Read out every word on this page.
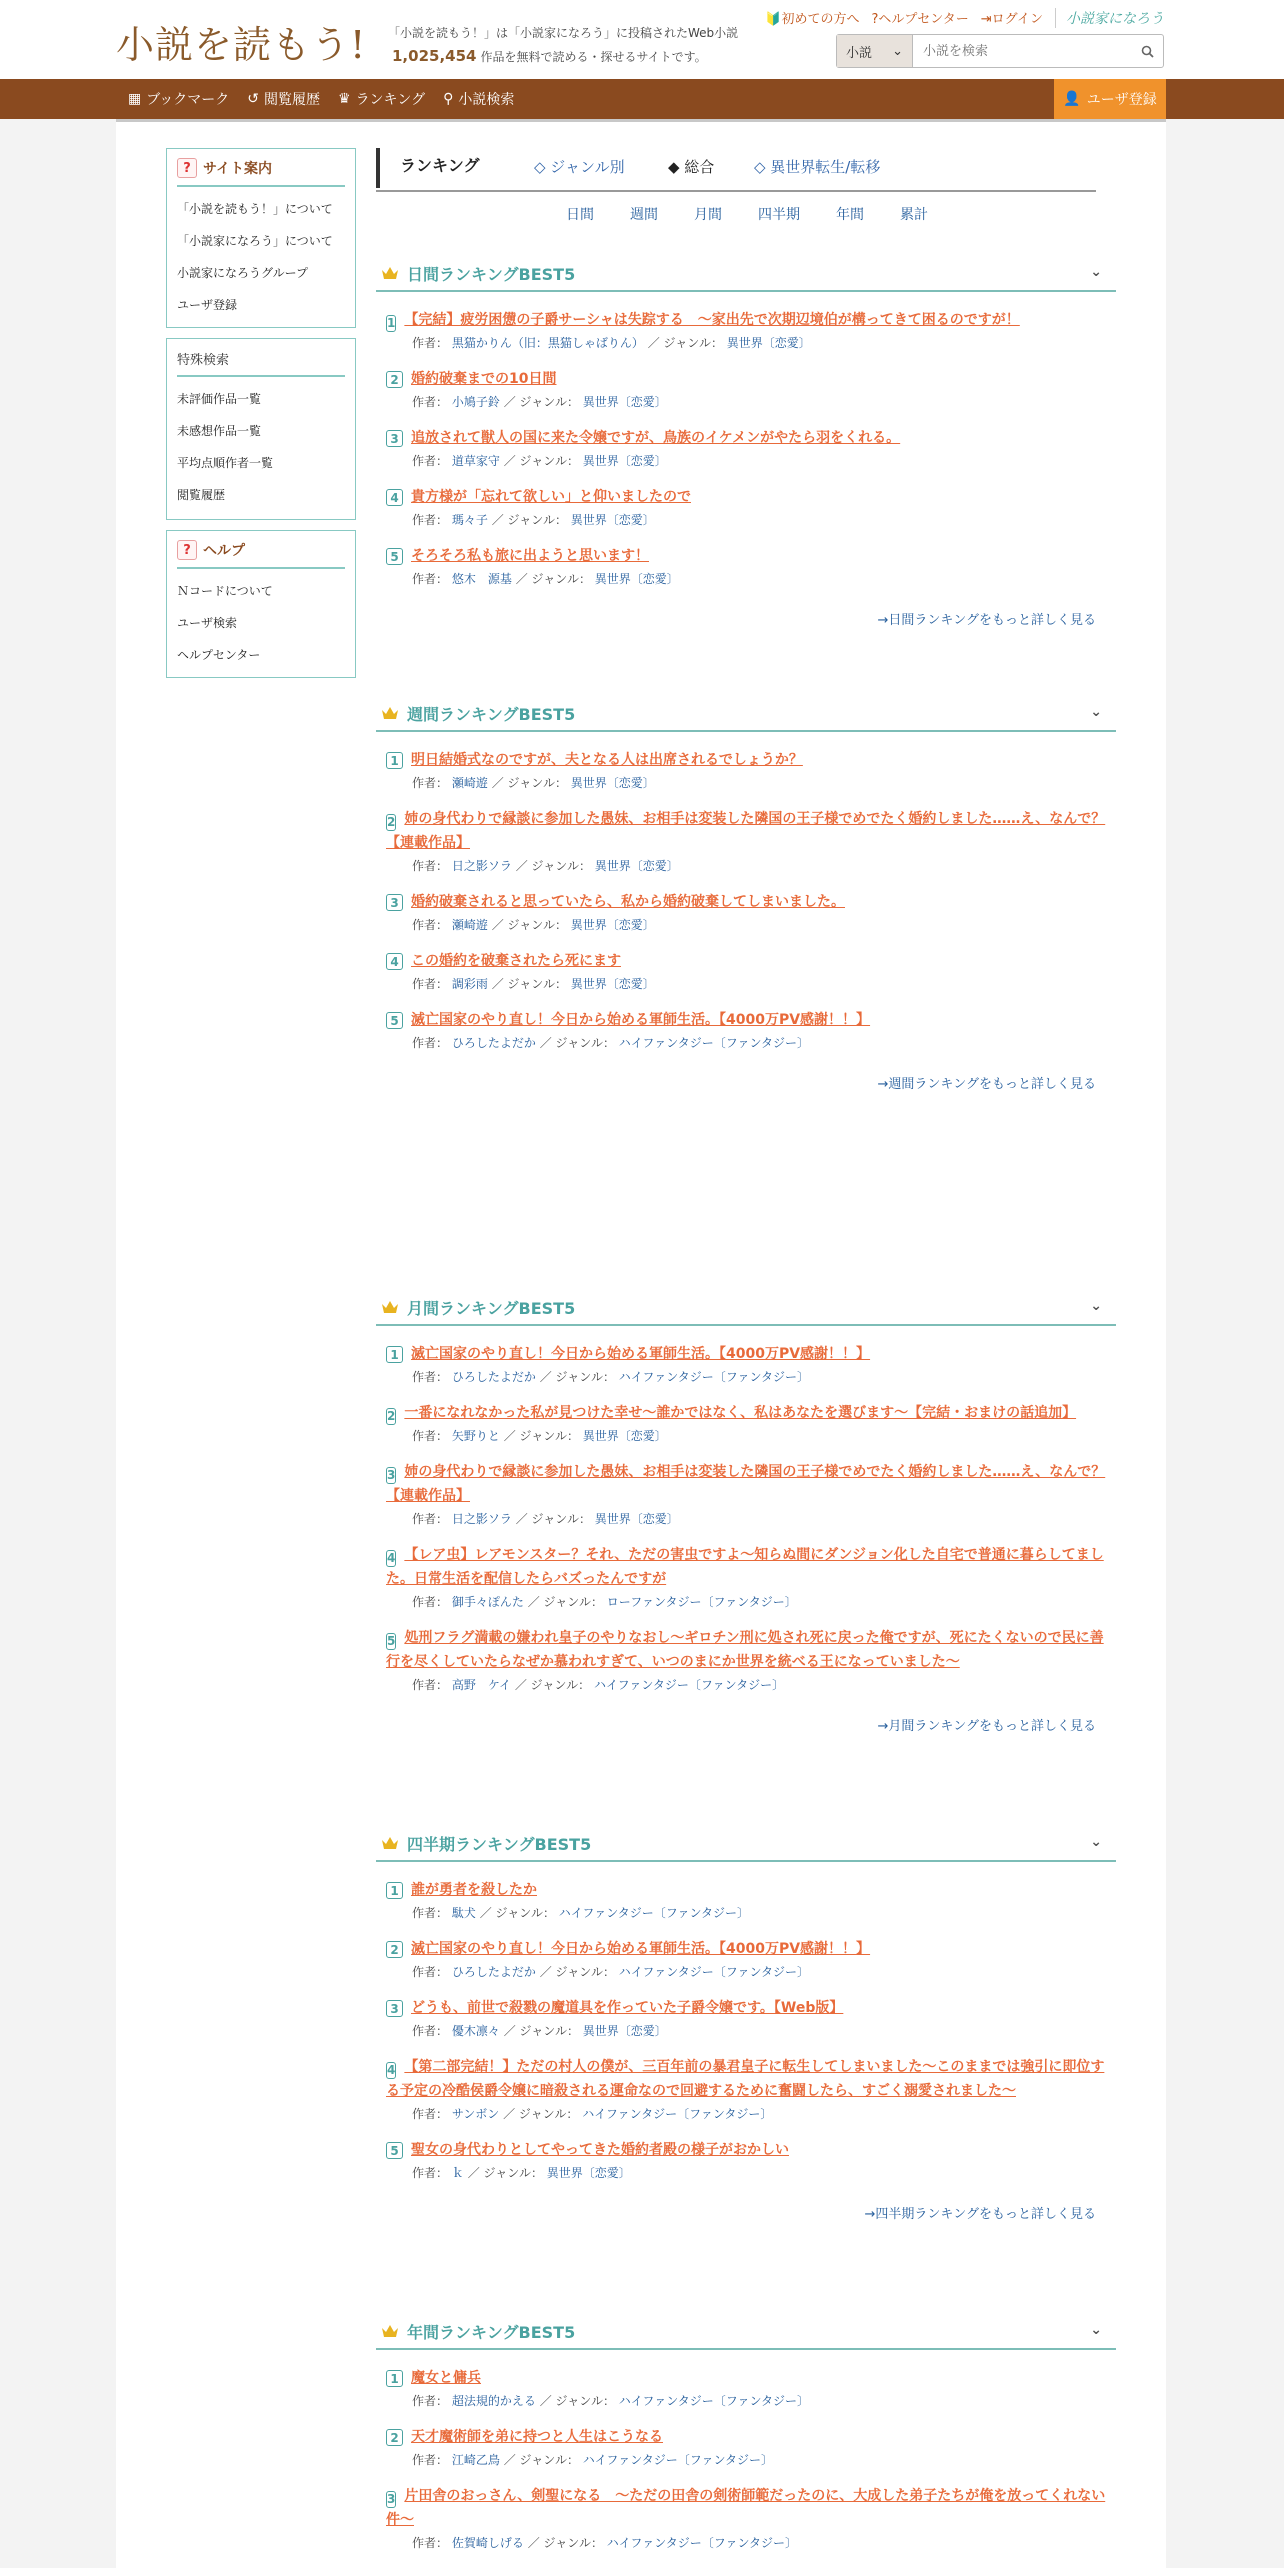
小説を読もう! 「小説を読もう！」は「小説家になろう」に投稿されたWeb小説
1,025,454 作品を無料で読める・探せるサイトです。
🔰初めての方へ ?ヘルプセンター ⇥ログイン	小説家になろう
小説 ⌄
小説を検索
▦ ブックマーク ↺ 閲覧履歴 ♛ ランキング ⚲ 小説検索	👤 ユーザ登録
? サイト案内
「小説を読もう！」について
「小説家になろう」について
小説家になろうグループ
ユーザ登録
特殊検索
未評価作品一覧
未感想作品一覧
平均点順作者一覧
閲覧履歴
? ヘルプ
Ｎコードについて
ユーザ検索
ヘルプセンター
ランキング	◇ ジャンル別	◆ 総合	◇ 異世界転生/転移
日間	週間	月間	四半期	年間	累計
日間ランキングBEST5	⌄
1 【完結】疲労困憊の子爵サーシャは失踪する　〜家出先で次期辺境伯が構ってきて困るのですが！
作者： 黒猫かりん（旧：黒猫しゃばりん） ／ ジャンル： 異世界〔恋愛〕
2 婚約破棄までの10日間
作者： 小鳩子鈴 ／ ジャンル： 異世界〔恋愛〕
3 追放されて獣人の国に来た令嬢ですが、鳥族のイケメンがやたら羽をくれる。
作者： 道草家守 ／ ジャンル： 異世界〔恋愛〕
4 貴方様が「忘れて欲しい」と仰いましたので
作者： 瑪々子 ／ ジャンル： 異世界〔恋愛〕
5 そろそろ私も旅に出ようと思います！
作者： 悠木　源基 ／ ジャンル： 異世界〔恋愛〕
→日間ランキングをもっと詳しく見る
週間ランキングBEST5	⌄
1 明日結婚式なのですが、夫となる人は出席されるでしょうか？
作者： 瀬崎遊 ／ ジャンル： 異世界〔恋愛〕
2 姉の身代わりで縁談に参加した愚妹、お相手は変装した隣国の王子様でめでたく婚約しました……え、なんで？【連載作品】
作者： 日之影ソラ ／ ジャンル： 異世界〔恋愛〕
3 婚約破棄されると思っていたら、私から婚約破棄してしまいました。
作者： 瀬崎遊 ／ ジャンル： 異世界〔恋愛〕
4 この婚約を破棄されたら死にます
作者： 調彩雨 ／ ジャンル： 異世界〔恋愛〕
5 滅亡国家のやり直し！今日から始める軍師生活。【4000万PV感謝！！】
作者： ひろしたよだか ／ ジャンル： ハイファンタジー〔ファンタジー〕
→週間ランキングをもっと詳しく見る
月間ランキングBEST5	⌄
1 滅亡国家のやり直し！今日から始める軍師生活。【4000万PV感謝！！】
作者： ひろしたよだか ／ ジャンル： ハイファンタジー〔ファンタジー〕
2 一番になれなかった私が見つけた幸せ〜誰かではなく、私はあなたを選びます〜【完結・おまけの話追加】
作者： 矢野りと ／ ジャンル： 異世界〔恋愛〕
3 姉の身代わりで縁談に参加した愚妹、お相手は変装した隣国の王子様でめでたく婚約しました……え、なんで？【連載作品】
作者： 日之影ソラ ／ ジャンル： 異世界〔恋愛〕
4 【レア虫】レアモンスター？それ、ただの害虫ですよ～知らぬ間にダンジョン化した自宅で普通に暮らしてました。日常生活を配信したらバズったんですが
作者： 御手々ぽんた ／ ジャンル： ローファンタジー〔ファンタジー〕
5 処刑フラグ満載の嫌われ皇子のやりなおし～ギロチン刑に処され死に戻った俺ですが、死にたくないので民に善行を尽くしていたらなぜか慕われすぎて、いつのまにか世界を統べる王になっていました～
作者： 高野　ケイ ／ ジャンル： ハイファンタジー〔ファンタジー〕
→月間ランキングをもっと詳しく見る
四半期ランキングBEST5	⌄
1 誰が勇者を殺したか
作者： 駄犬 ／ ジャンル： ハイファンタジー〔ファンタジー〕
2 滅亡国家のやり直し！今日から始める軍師生活。【4000万PV感謝！！】
作者： ひろしたよだか ／ ジャンル： ハイファンタジー〔ファンタジー〕
3 どうも、前世で殺戮の魔道具を作っていた子爵令嬢です。【Web版】
作者： 優木凛々 ／ ジャンル： 異世界〔恋愛〕
4 【第二部完結！】ただの村人の僕が、三百年前の暴君皇子に転生してしまいました～このままでは強引に即位する予定の冷酷侯爵令嬢に暗殺される運命なので回避するために奮闘したら、すごく溺愛されました～
作者： サンボン ／ ジャンル： ハイファンタジー〔ファンタジー〕
5 聖女の身代わりとしてやってきた婚約者殿の様子がおかしい
作者： ｋ ／ ジャンル： 異世界〔恋愛〕
→四半期ランキングをもっと詳しく見る
年間ランキングBEST5	⌄
1 魔女と傭兵
作者： 超法規的かえる ／ ジャンル： ハイファンタジー〔ファンタジー〕
2 天才魔術師を弟に持つと人生はこうなる
作者： 江崎乙鳥 ／ ジャンル： ハイファンタジー〔ファンタジー〕
3 片田舎のおっさん、剣聖になる　～ただの田舎の剣術師範だったのに、大成した弟子たちが俺を放ってくれない件～
作者： 佐賀崎しげる ／ ジャンル： ハイファンタジー〔ファンタジー〕
